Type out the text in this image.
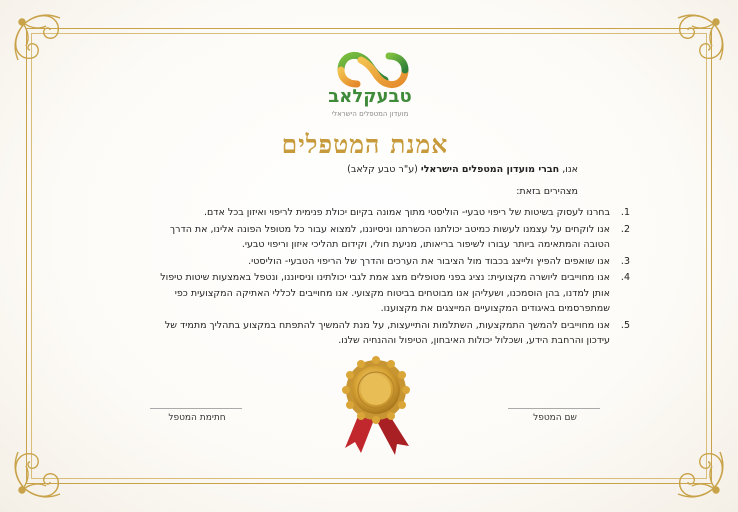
טבעקלאב
מועדון המטפלים הישראלי
אמנת המטפלים
אנו, חברי מועדון המטפלים הישראלי (ע"ר טבע קלאב)
מצהירים בזאת:
1.
בחרנו לעסוק בשיטות של ריפוי טבעי- הוליסטי מתוך אמונה בקיום יכולת פנימית לריפוי ואיזון בכל אדם.
2.
אנו לוקחים על עצמנו לעשות כמיטב יכולתנו הכשרתנו וניסיוננו, למצוא עבור כל מטופל הפונה אלינו, את הדרך הטובה והמתאימה ביותר עבורו לשיפור בריאותו, מניעת חולי, וקידום תהליכי איזון וריפוי טבעי.
3.
אנו שואפים להפיץ ולייצג בכבוד מול הציבור את הערכים והדרך של הריפוי הטבעי- הוליסטי.
4.
אנו מחוייבים ליושרה מקצועית: נציג בפני מטופלים מצג אמת לגבי יכולתינו וניסיוננו, ונטפל באמצעות שיטות טיפול אותן למדנו, בהן הוסמכנו, ושעליהן אנו מבוטחים בביטוח מקצועי. אנו מחוייבים לכללי האתיקה המקצועית כפי שמתפרסמים באיגודים המקצועיים המייצגים את מקצוענו.
5.
אנו מחוייבים להמשך התמקצעות, השתלמות והתייעצות, על מנת להמשיך להתפתח במקצוע בתהליך מתמיד של עידכון והרחבת הידע, ושכלול יכולות האיבחון, הטיפול וההנחיה שלנו.
חתימת המטפל	שם המטפל
